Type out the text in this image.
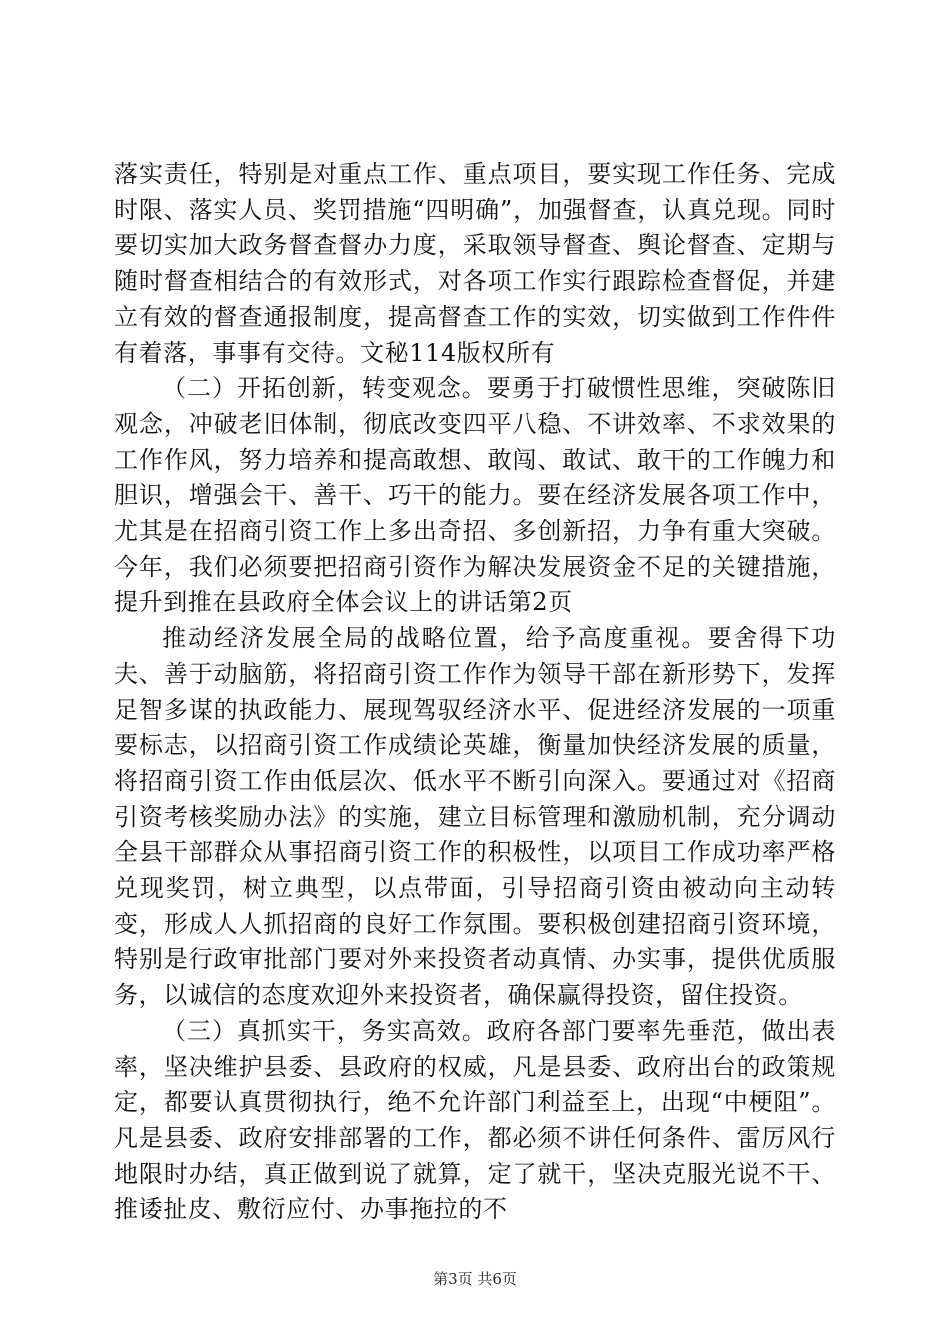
落实责任，特别是对重点工作、重点项目，要实现工作任务、完成时限、落实人员、奖罚措施“四明确”，加强督查，认真兑现。同时要切实加大政务督查督办力度，采取领导督查、舆论督查、定期与随时督查相结合的有效形式，对各项工作实行跟踪检查督促，并建立有效的督查通报制度，提高督查工作的实效，切实做到工作件件有着落，事事有交待。文秘114版权所有

（二）开拓创新，转变观念。要勇于打破惯性思维，突破陈旧观念，冲破老旧体制，彻底改变四平八稳、不讲效率、不求效果的工作作风，努力培养和提高敢想、敢闯、敢试、敢干的工作魄力和胆识，增强会干、善干、巧干的能力。要在经济发展各项工作中，尤其是在招商引资工作上多出奇招、多创新招，力争有重大突破。今年，我们必须要把招商引资作为解决发展资金不足的关键措施，提升到推在县政府全体会议上的讲话第2页

推动经济发展全局的战略位置，给予高度重视。要舍得下功夫、善于动脑筋，将招商引资工作作为领导干部在新形势下，发挥足智多谋的执政能力、展现驾驭经济水平、促进经济发展的一项重要标志，以招商引资工作成绩论英雄，衡量加快经济发展的质量，将招商引资工作由低层次、低水平不断引向深入。要通过对《招商引资考核奖励办法》的实施，建立目标管理和激励机制，充分调动全县干部群众从事招商引资工作的积极性，以项目工作成功率严格兑现奖罚，树立典型，以点带面，引导招商引资由被动向主动转变，形成人人抓招商的良好工作氛围。要积极创建招商引资环境，特别是行政审批部门要对外来投资者动真情、办实事，提供优质服务，以诚信的态度欢迎外来投资者，确保赢得投资，留住投资。

（三）真抓实干，务实高效。政府各部门要率先垂范，做出表率，坚决维护县委、县政府的权威，凡是县委、政府出台的政策规定，都要认真贯彻执行，绝不允许部门利益至上，出现“中梗阻”。凡是县委、政府安排部署的工作，都必须不讲任何条件、雷厉风行地限时办结，真正做到说了就算，定了就干，坚决克服光说不干、推诿扯皮、敷衍应付、办事拖拉的不

第3页 共6页
